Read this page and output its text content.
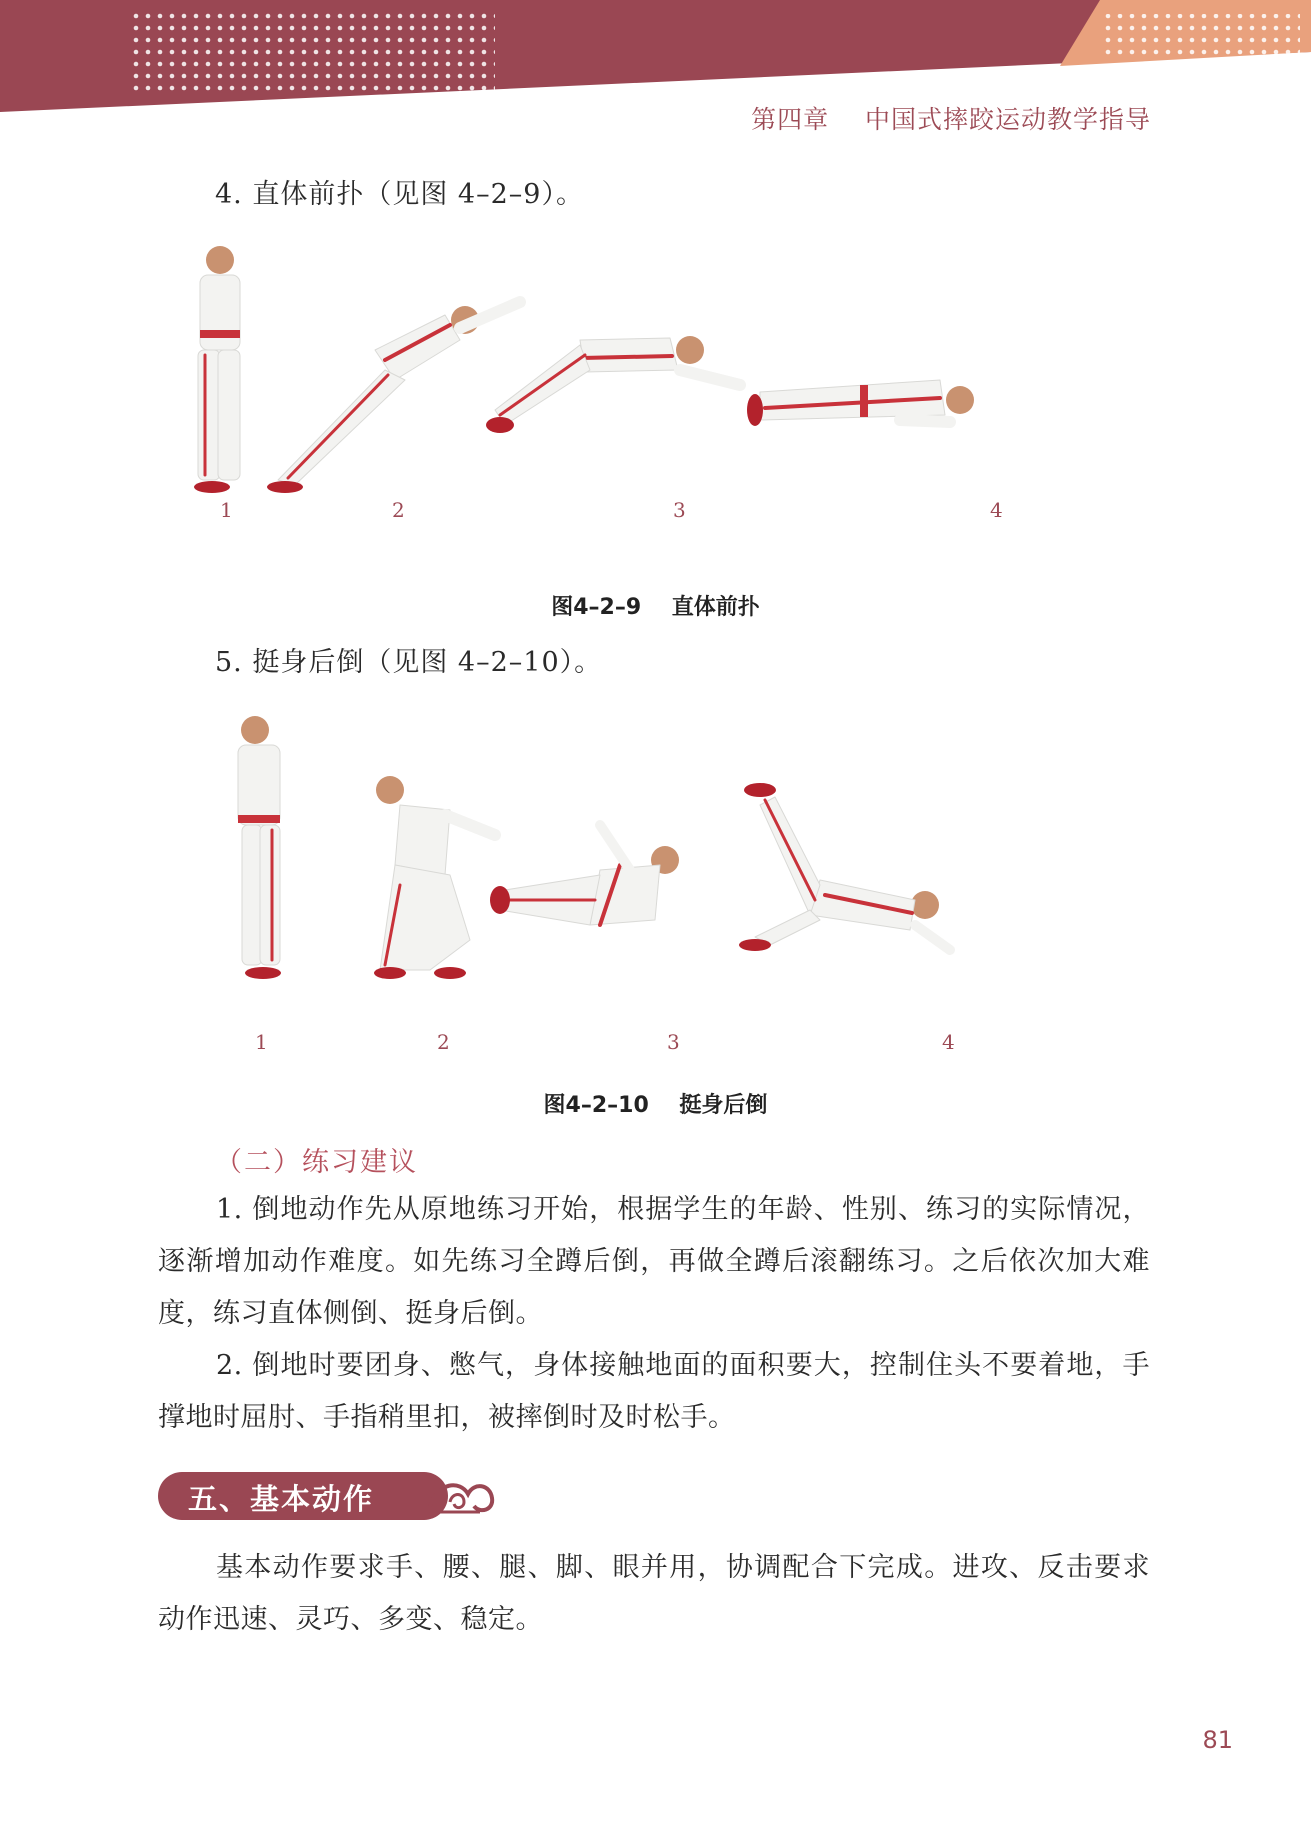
第四章 中国式摔跤运动教学指导
4. 直体前扑（见图 4–2–9）。
1	2	3	4
图4–2–9 直体前扑
5. 挺身后倒（见图 4–2–10）。
1	2	3	4
图4–2–10 挺身后倒
（二）练习建议
1. 倒地动作先从原地练习开始，根据学生的年龄、性别、练习的实际情况，逐渐增加动作难度。如先练习全蹲后倒，再做全蹲后滚翻练习。之后依次加大难度，练习直体侧倒、挺身后倒。
2. 倒地时要团身、憋气，身体接触地面的面积要大，控制住头不要着地，手撑地时屈肘、手指稍里扣，被摔倒时及时松手。
五、基本动作
基本动作要求手、腰、腿、脚、眼并用，协调配合下完成。进攻、反击要求动作迅速、灵巧、多变、稳定。
81
